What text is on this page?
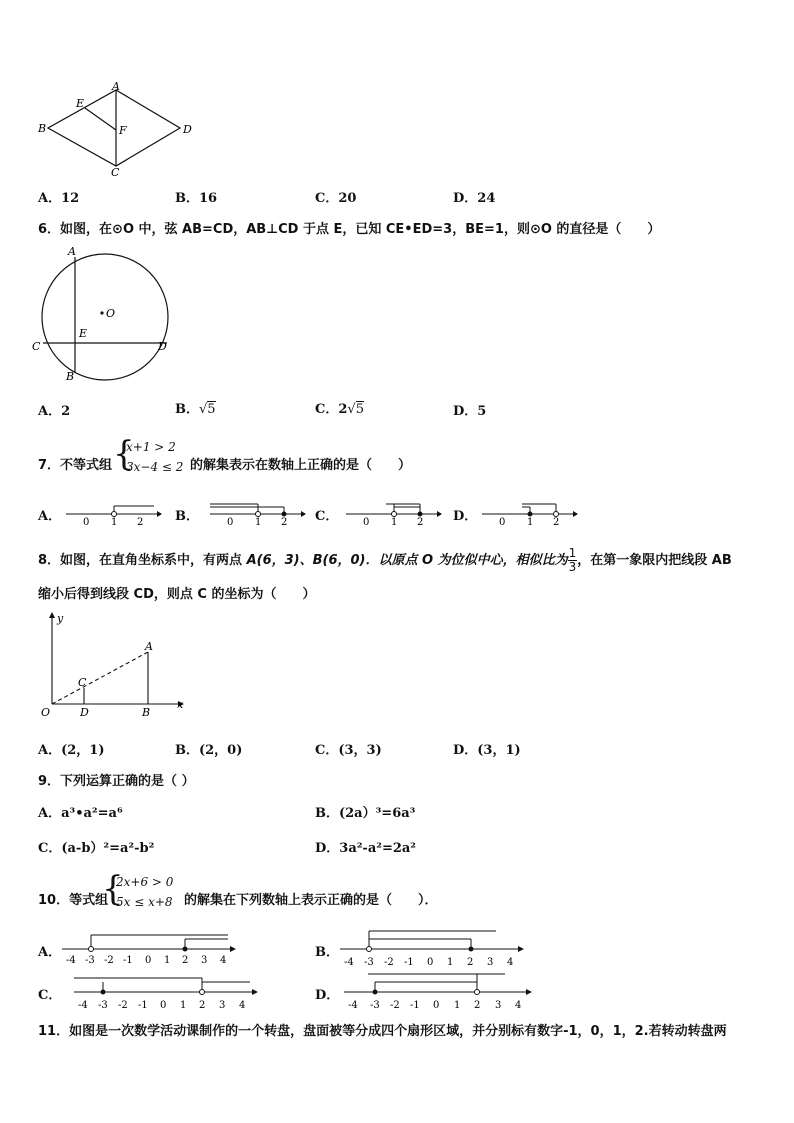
A
E
F
B	D
C
A．12	B．16	C．20	D．24
6．如图，在⊙O 中，弦 AB=CD，AB⊥CD 于点 E，已知 CE•ED=3，BE=1，则⊙O 的直径是（　　）
A
O
E
C	D
B
A．2	B．√5	C．2√5	D．5
7．不等式组 {
x+1 > 2
3x−4 ≤ 2 的解集表示在数轴上正确的是（　　）
A． 0 1 2 B．	0 1 2 C． 0 1 2 D． 0 1 2
8．如图，在直角坐标系中，有两点 A(6，3)、B(6，0)．以原点 O 为位似中心，相似比为 $\frac{1}{3}$ ，在第一象限内把线段 AB
缩小后得到线段 CD，则点 C 的坐标为（　　）
y
x
O
A
C
D	B
A．(2，1)	B．(2，0)	C．(3，3)	D．(3，1)
9．下列运算正确的是（ ）
A．a³•a²=a⁶	B．(2a）³=6a³
C．(a-b）²=a²-b²	D．3a²-a²=2a²
10．等式组
{
2x+6 > 0
5x ≤ x+8 的解集在下列数轴上表示正确的是（　　）．
A．
-4 -3 -2 -1 0 1 2 3 4
B．
-4 -3 -2 -1 0 1 2 3 4
C．
-4 -3 -2 -1 0 1 2 3 4
D．
-4 -3 -2 -1 0 1 2 3 4
11．如图是一次数学活动课制作的一个转盘，盘面被等分成四个扇形区域，并分别标有数字-1，0，1，2.若转动转盘两
